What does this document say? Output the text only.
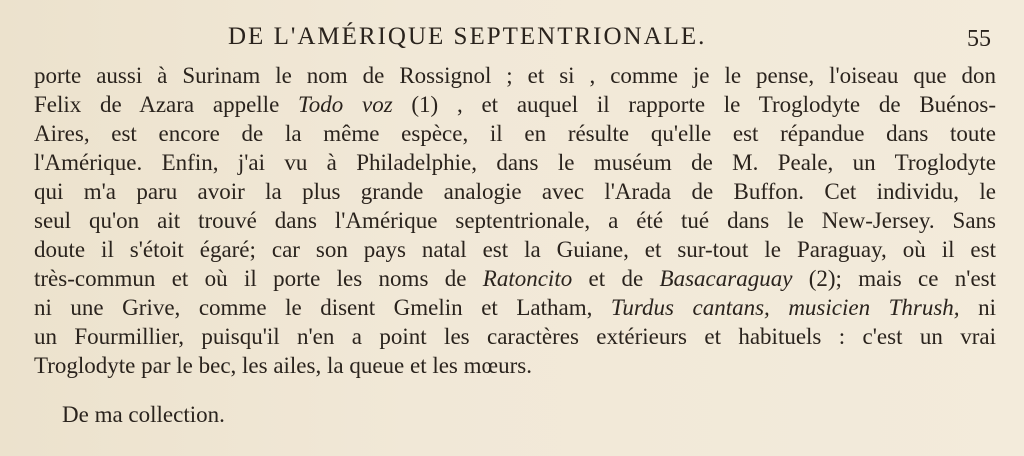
DE L'AMÉRIQUE SEPTENTRIONALE.	55
porte aussi à Surinam le nom de Rossignol ; et si , comme je le pense, l'oiseau que don
Felix de Azara appelle Todo voz (1) , et auquel il rapporte le Troglodyte de Buénos-
Aires, est encore de la même espèce, il en résulte qu'elle est répandue dans toute
l'Amérique. Enfin, j'ai vu à Philadelphie, dans le muséum de M. Peale, un Troglodyte
qui m'a paru avoir la plus grande analogie avec l'Arada de Buffon. Cet individu, le
seul qu'on ait trouvé dans l'Amérique septentrionale, a été tué dans le New-Jersey. Sans
doute il s'étoit égaré; car son pays natal est la Guiane, et sur-tout le Paraguay, où il est
très-commun et où il porte les noms de Ratoncito et de Basacaraguay (2); mais ce n'est
ni une Grive, comme le disent Gmelin et Latham, Turdus cantans, musicien Thrush, ni
un Fourmillier, puisqu'il n'en a point les caractères extérieurs et habituels : c'est un vrai
Troglodyte par le bec, les ailes, la queue et les mœurs.
De ma collection.
